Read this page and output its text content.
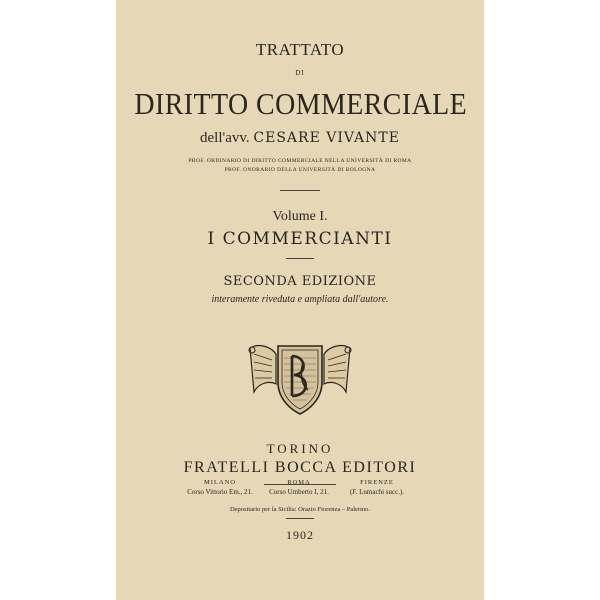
TRATTATO
DI
DIRITTO COMMERCIALE
dell'avv. CESARE VIVANTE
PROF. ORDINARIO DI DIRITTO COMMERCIALE NELLA UNIVERSITÀ DI ROMA
PROF. ONORARIO DELLA UNIVERSITÀ DI BOLOGNA
Volume I.
I COMMERCIANTI
SECONDA EDIZIONE
interamente riveduta e ampliata dall'autore.
TORINO
FRATELLI BOCCA EDITORI
MILANO
Corso Vittorio Em., 21.
ROMA
Corso Umberto I, 21.
FIRENZE
(F. Lumachi succ.).
Depositario per la Sicilia: Orazio Fiorenza – Palermo.
1902
